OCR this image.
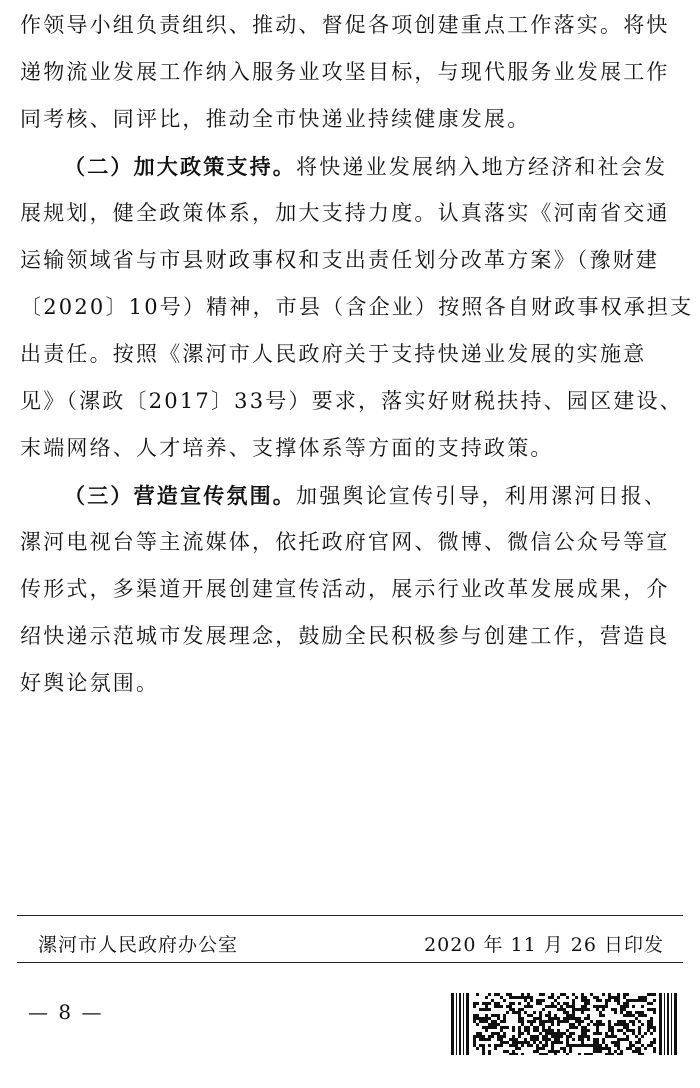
作领导小组负责组织、推动、督促各项创建重点工作落实。将快
递物流业发展工作纳入服务业攻坚目标，与现代服务业发展工作
同考核、同评比，推动全市快递业持续健康发展。
（二）加大政策支持。将快递业发展纳入地方经济和社会发
展规划，健全政策体系，加大支持力度。认真落实《河南省交通
运输领域省与市县财政事权和支出责任划分改革方案》（豫财建
〔2020〕10号）精神，市县（含企业）按照各自财政事权承担支
出责任。按照《漯河市人民政府关于支持快递业发展的实施意
见》（漯政〔2017〕33号）要求，落实好财税扶持、园区建设、
末端网络、人才培养、支撑体系等方面的支持政策。
（三）营造宣传氛围。加强舆论宣传引导，利用漯河日报、
漯河电视台等主流媒体，依托政府官网、微博、微信公众号等宣
传形式，多渠道开展创建宣传活动，展示行业改革发展成果，介
绍快递示范城市发展理念，鼓励全民积极参与创建工作，营造良
好舆论氛围。
漯河市人民政府办公室	2020 年 11 月 26 日印发
— 8 —
